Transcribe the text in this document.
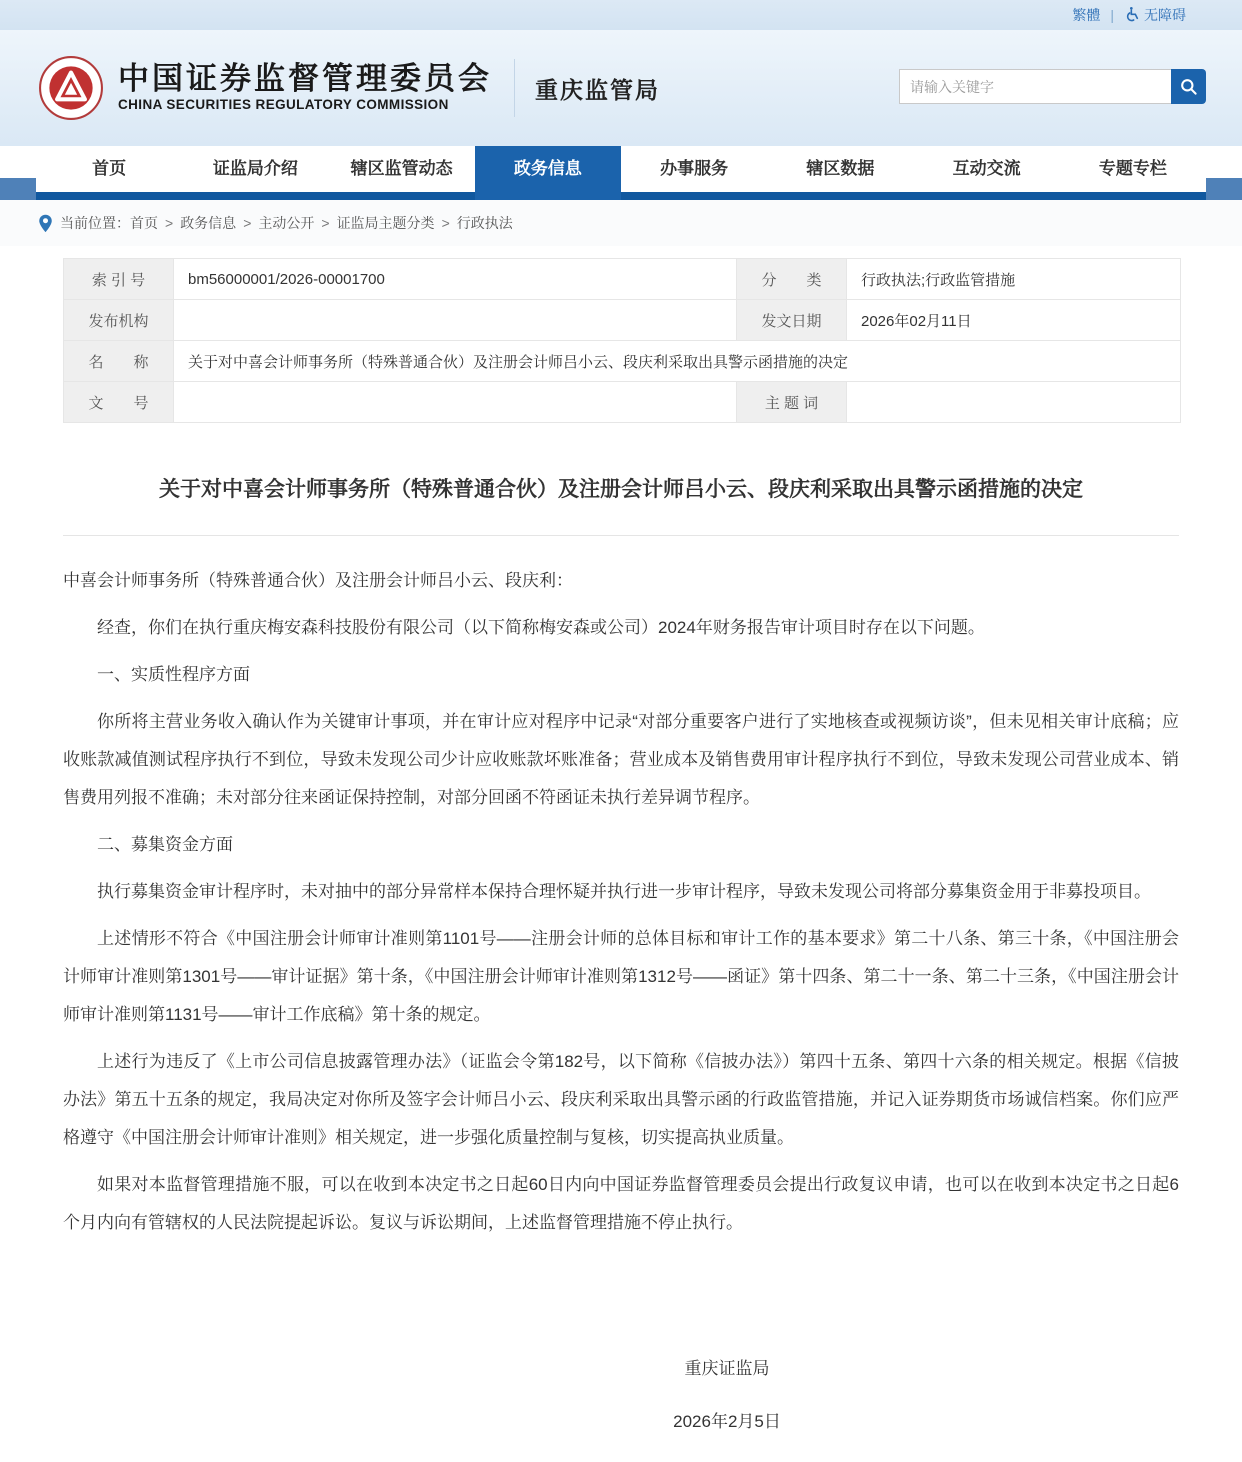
繁體 |	无障碍
中国证券监督管理委员会
CHINA SECURITIES REGULATORY COMMISSION
重庆监管局
请输入关键字
首页	证监局介绍	辖区监管动态	政务信息	办事服务	辖区数据	互动交流	专题专栏
当前位置： 首页 > 政务信息 > 主动公开 > 证监局主题分类 > 行政执法
索 引 号	bm56000001/2026-00001700	分　　类	行政执法;行政监管措施
发布机构		发文日期	2026年02月11日
名　　称	关于对中喜会计师事务所（特殊普通合伙）及注册会计师吕小云、段庆利采取出具警示函措施的决定		
文　　号		主 题 词	
关于对中喜会计师事务所（特殊普通合伙）及注册会计师吕小云、段庆利采取出具警示函措施的决定

中喜会计师事务所（特殊普通合伙）及注册会计师吕小云、段庆利：

经查，你们在执行重庆梅安森科技股份有限公司（以下简称梅安森或公司）2024年财务报告审计项目时存在以下问题。

一、实质性程序方面

你所将主营业务收入确认作为关键审计事项，并在审计应对程序中记录“对部分重要客户进行了实地核查或视频访谈”，但未见相关审计底稿；应收账款减值测试程序执行不到位，导致未发现公司少计应收账款坏账准备；营业成本及销售费用审计程序执行不到位，导致未发现公司营业成本、销售费用列报不准确；未对部分往来函证保持控制，对部分回函不符函证未执行差异调节程序。

二、募集资金方面

执行募集资金审计程序时，未对抽中的部分异常样本保持合理怀疑并执行进一步审计程序，导致未发现公司将部分募集资金用于非募投项目。

上述情形不符合《中国注册会计师审计准则第1101号——注册会计师的总体目标和审计工作的基本要求》第二十八条、第三十条，《中国注册会计师审计准则第1301号——审计证据》第十条，《中国注册会计师审计准则第1312号——函证》第十四条、第二十一条、第二十三条，《中国注册会计师审计准则第1131号——审计工作底稿》第十条的规定。

上述行为违反了《上市公司信息披露管理办法》（证监会令第182号，以下简称《信披办法》）第四十五条、第四十六条的相关规定。根据《信披办法》第五十五条的规定，我局决定对你所及签字会计师吕小云、段庆利采取出具警示函的行政监管措施，并记入证券期货市场诚信档案。你们应严格遵守《中国注册会计师审计准则》相关规定，进一步强化质量控制与复核，切实提高执业质量。

如果对本监督管理措施不服，可以在收到本决定书之日起60日内向中国证券监督管理委员会提出行政复议申请，也可以在收到本决定书之日起6个月内向有管辖权的人民法院提起诉讼。复议与诉讼期间，上述监督管理措施不停止执行。

重庆证监局
2026年2月5日
